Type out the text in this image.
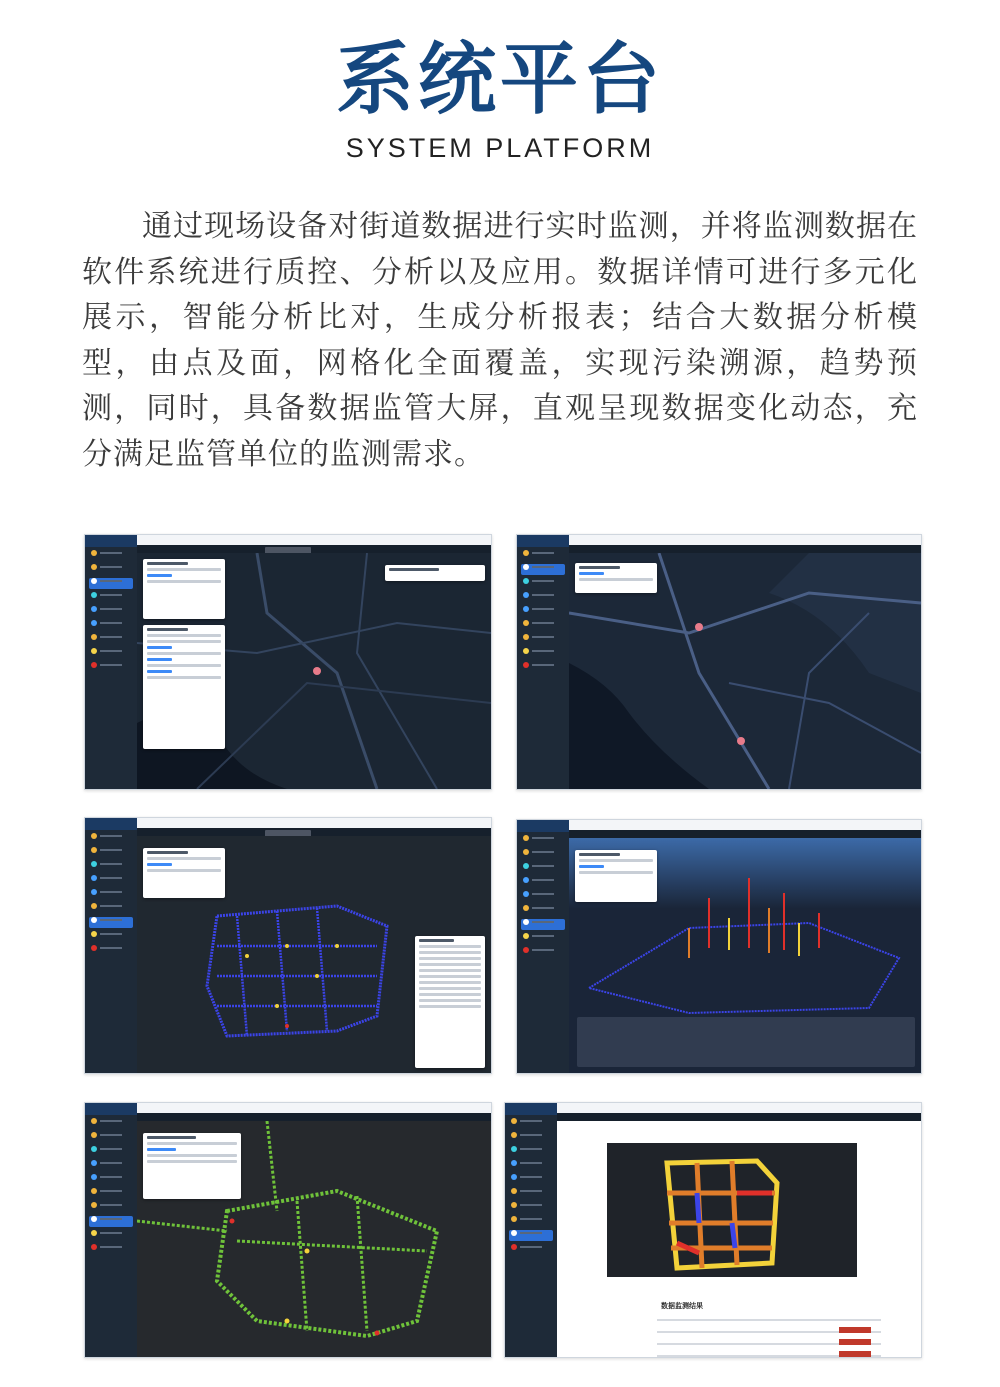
系统平台
SYSTEM PLATFORM

通过现场设备对街道数据进行实时监测，并将监测数据在软件系统进行质控、分析以及应用。数据详情可进行多元化展示，智能分析比对，生成分析报表；结合大数据分析模型，由点及面，网格化全面覆盖，实现污染溯源，趋势预测，同时，具备数据监管大屏，直观呈现数据变化动态，充分满足监管单位的监测需求。

数据监测结果
